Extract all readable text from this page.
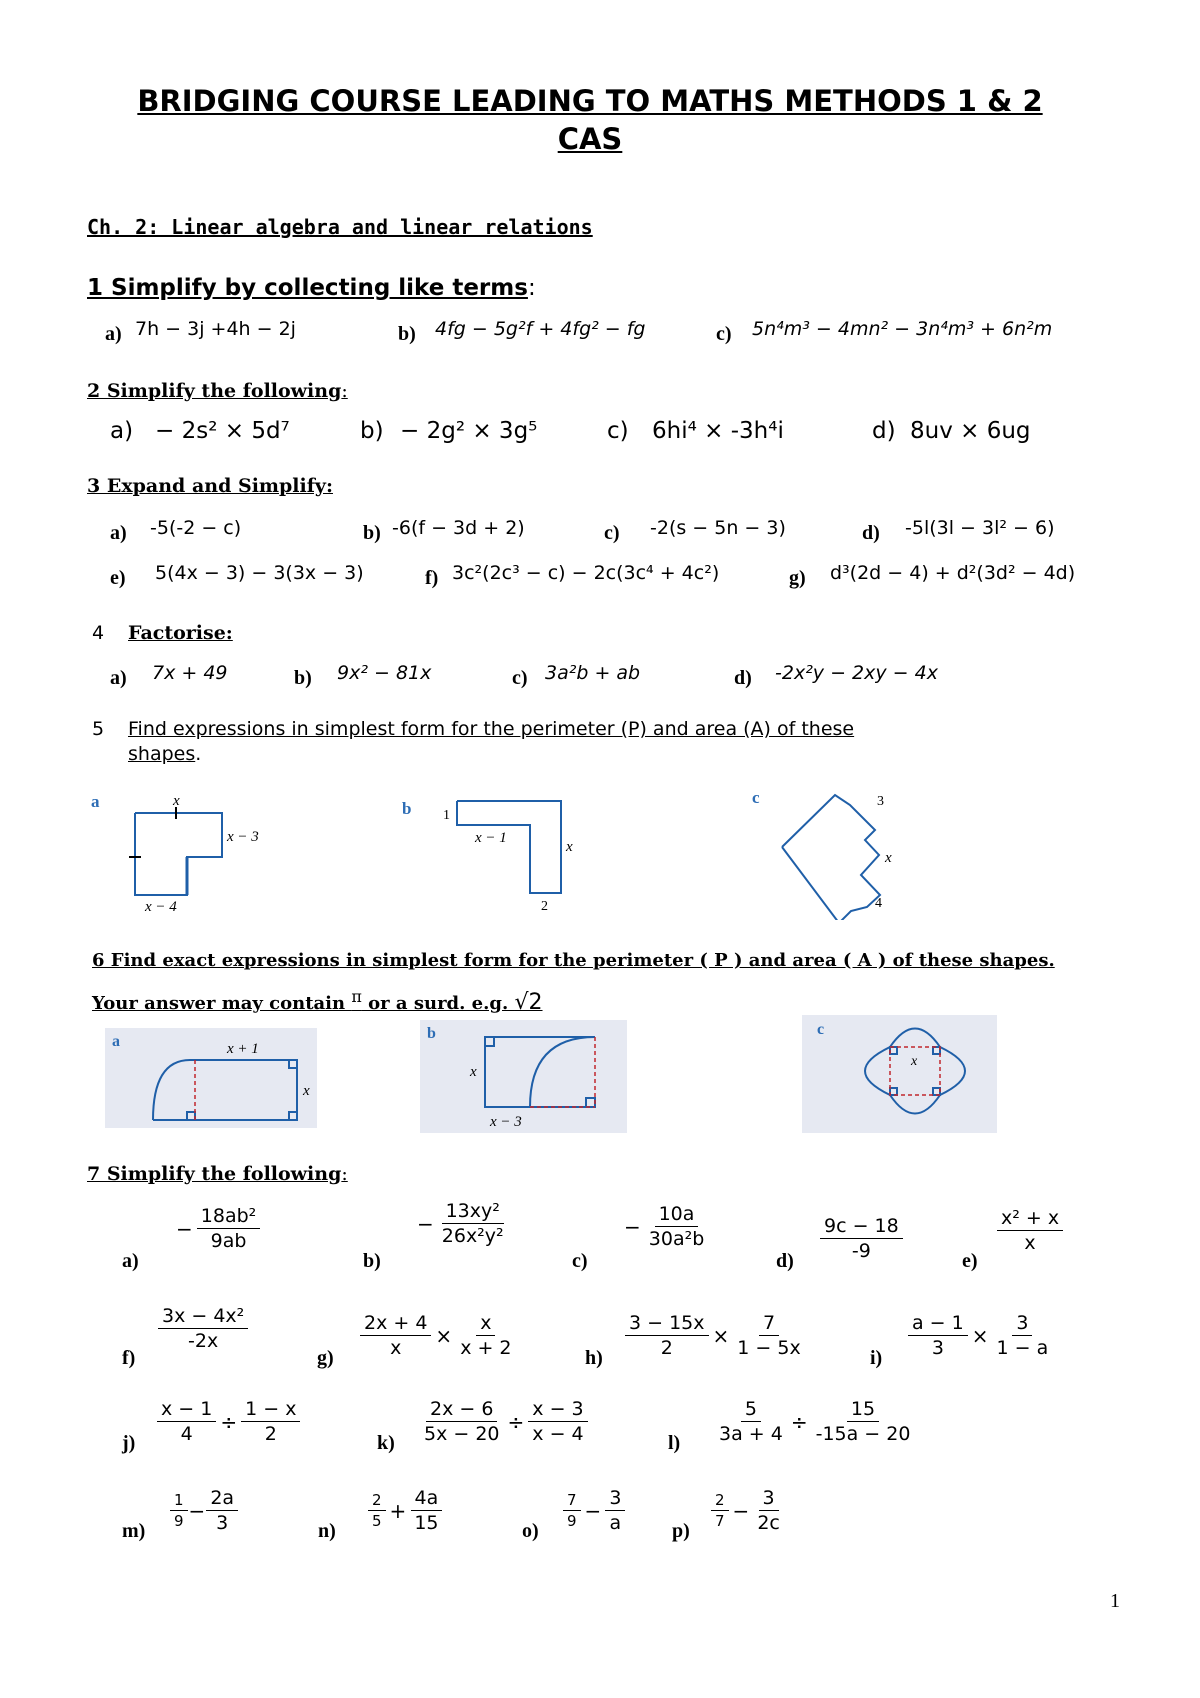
BRIDGING COURSE LEADING TO MATHS METHODS 1 & 2
CAS
Ch. 2: Linear algebra and linear relations
1 Simplify by collecting like terms:
a) 7h − 3j +4h − 2j	b) 4fg − 5g²f + 4fg² − fg	c) 5n⁴m³ − 4mn² − 3n⁴m³ + 6n²m
2 Simplify the following:
a) − 2s² × 5d⁷	b) − 2g² × 3g⁵	c) 6hi⁴ × -3h⁴i	d) 8uv × 6ug
3 Expand and Simplify:
a) -5(-2 − c)	b) -6(f − 3d + 2)	c) -2(s − 5n − 3)	d) -5l(3l − 3l² − 6)
e) 5(4x − 3) − 3(3x − 3)	f) 3c²(2c³ − c) − 2c(3c⁴ + 4c²)	g) d³(2d − 4) + d²(3d² − 4d)
4 Factorise:
a) 7x + 49	b) 9x² − 81x	c) 3a²b + ab	d) -2x²y − 2xy − 4x
5 Find expressions in simplest form for the perimeter (P) and area (A) of these
shapes.
a	x
x − 3
x − 4
b 1
x − 1
x
2
c	3
x
4
6 Find exact expressions in simplest form for the perimeter ( P ) and area ( A ) of these shapes.
Your answer may contain π or a surd. e.g. √2
a	x + 1
x
b
x
x − 3
c
x
7 Simplify the following:
a)
− $\frac{\text{18ab²}}{9ab}$
b)
− $\frac{\text{13xy²}}{\text{26x²y²}}$
c)
− $\frac{10a}{\text{30a²b}}$
$d) \frac{9c - 18}{-9}$	e)
$\frac{\text{x² + x}}{x}$
f)
$\frac{\text{3x − 4x²}}{-2x}$
$g) \frac{2x + 4}{x} \times \frac{x}{x + 2}$	$h) \frac{3 - 15x}{2} \times \frac{7}{1 - 5x}$	$i) \frac{a - 1}{3} \times \frac{3}{1 - a}$
$j) \frac{x - 1}{4} \div \frac{1 - x}{2}$	$k) \frac{2x - 6}{5x - 20} \div \frac{x - 3}{x - 4}$	$l) \frac{5}{3a + 4} \div \frac{15}{-15a - 20}$
m)
$\frac{1}{9} - \frac{2a}{3}$	n)
$\frac{2}{5} + \frac{4a}{15}$	o)
$\frac{7}{9} - \frac{3}{a} p$)
$\frac{2}{7} - \frac{3}{2c}$
1
